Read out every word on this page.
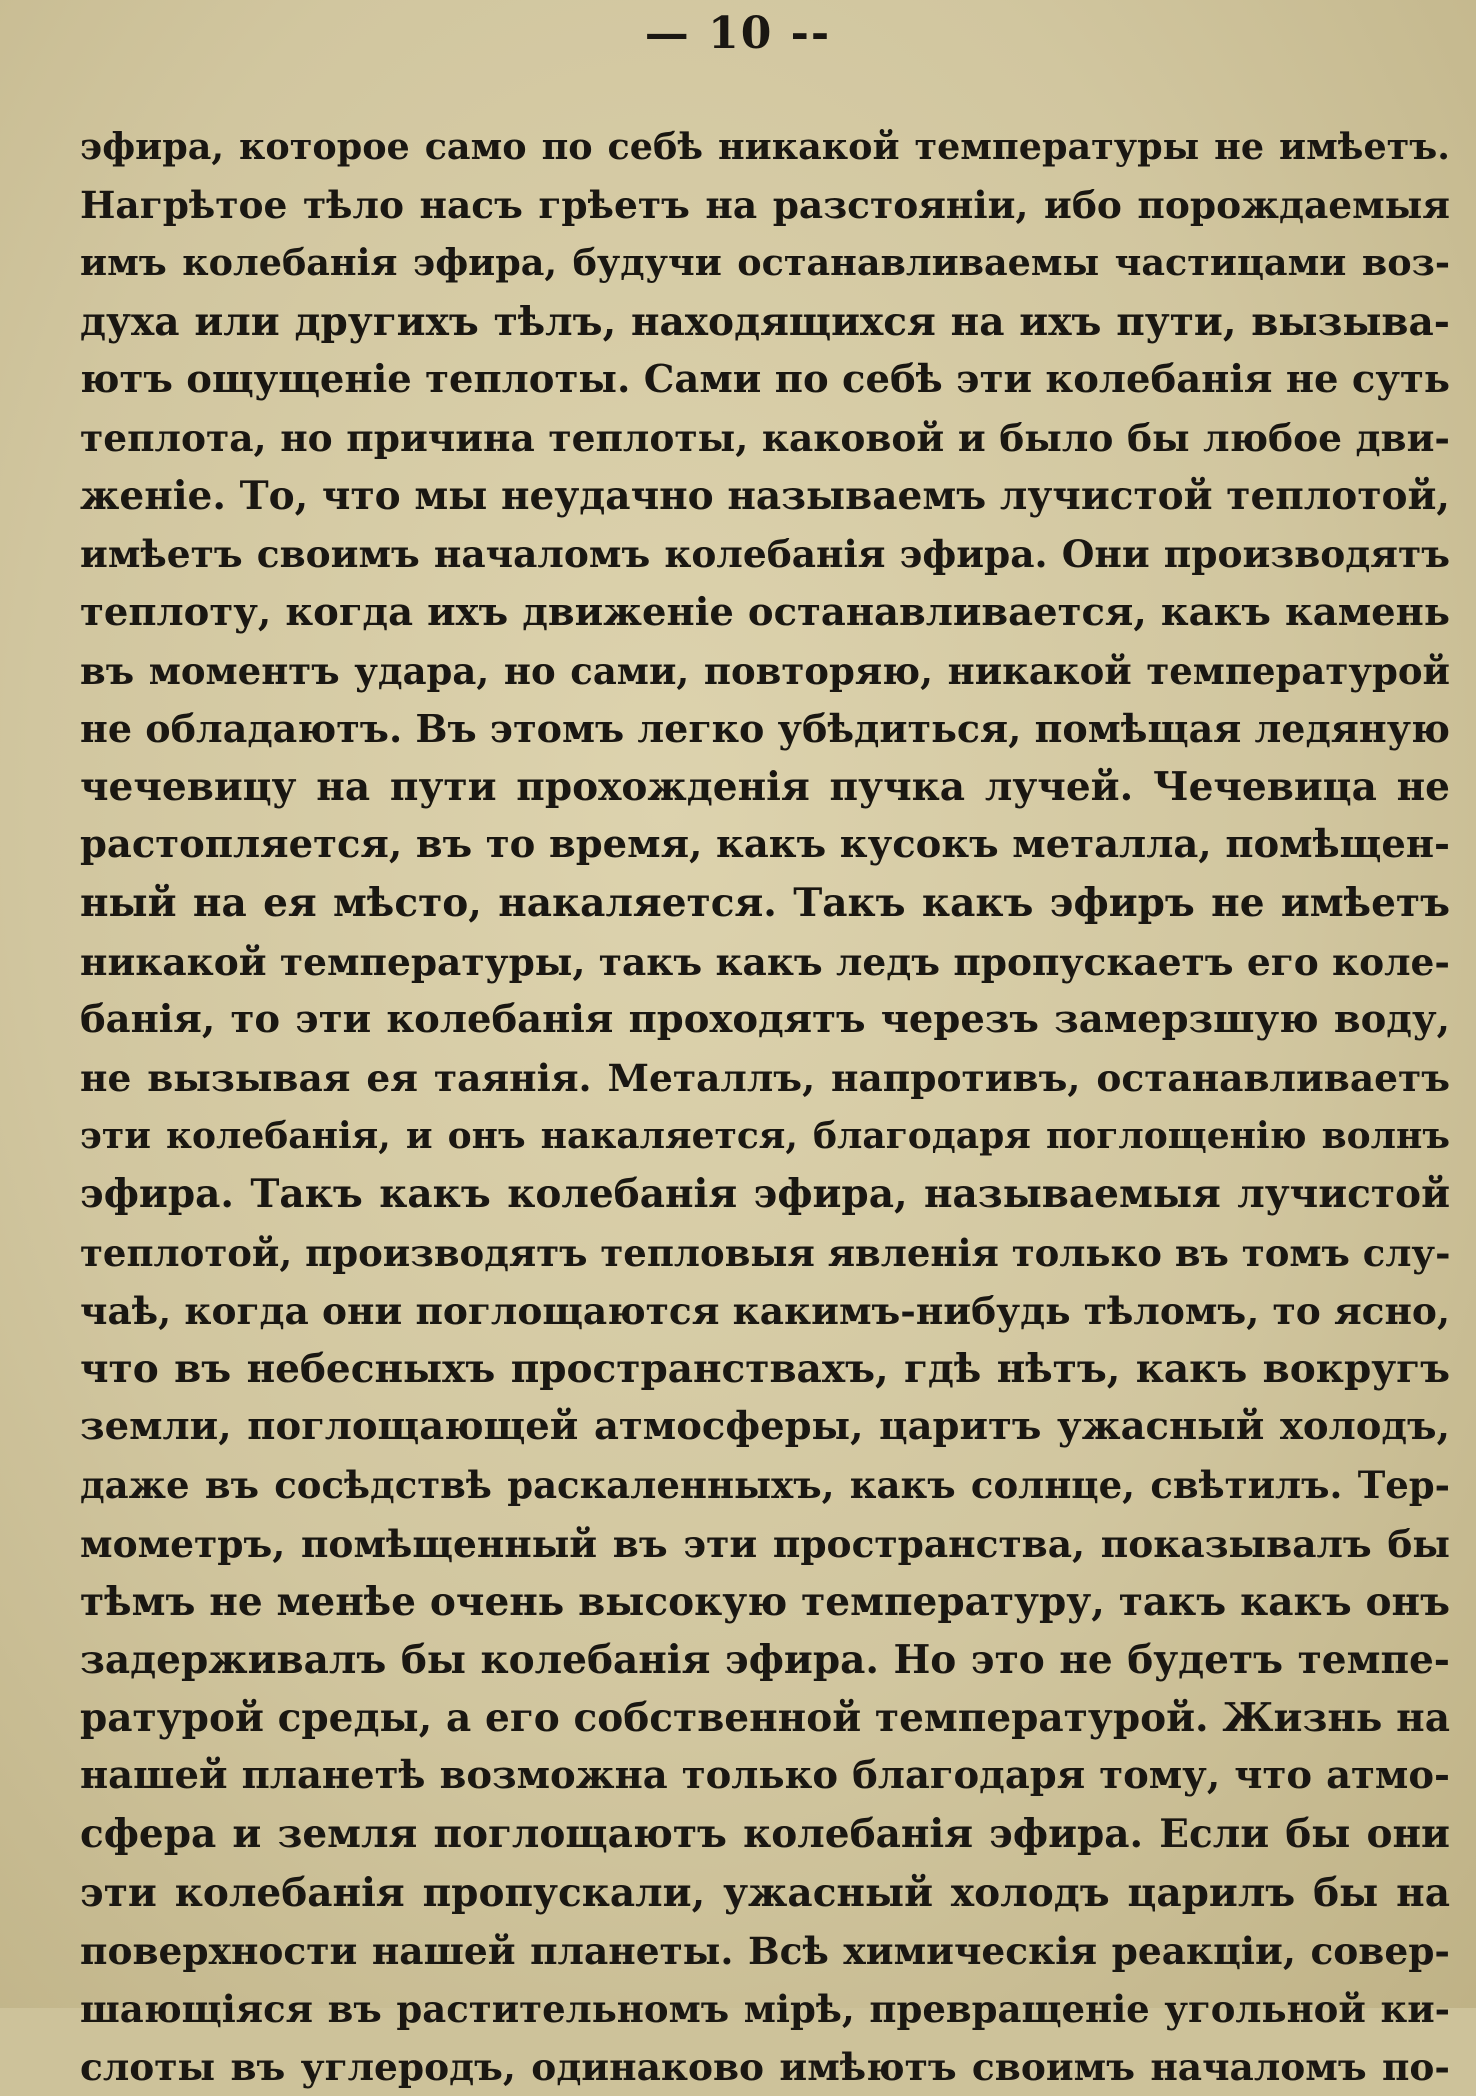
— 10 --
эфира, которое само по себѣ никакой температуры не имѣетъ.
Нагрѣтое тѣло насъ грѣетъ на разстояніи, ибо порождаемыя
имъ колебанія эфира, будучи останавливаемы частицами воз-
духа или другихъ тѣлъ, находящихся на ихъ пути, вызыва-
ютъ ощущеніе теплоты. Сами по себѣ эти колебанія не суть
теплота, но причина теплоты, каковой и было бы любое дви-
женіе. То, что мы неудачно называемъ лучистой теплотой,
имѣетъ своимъ началомъ колебанія эфира. Они производятъ
теплоту, когда ихъ движеніе останавливается, какъ камень
въ моментъ удара, но сами, повторяю, никакой температурой
не обладаютъ. Въ этомъ легко убѣдиться, помѣщая ледяную
чечевицу на пути прохожденія пучка лучей. Чечевица не
растопляется, въ то время, какъ кусокъ металла, помѣщен-
ный на ея мѣсто, накаляется. Такъ какъ эфиръ не имѣетъ
никакой температуры, такъ какъ ледъ пропускаетъ его коле-
банія, то эти колебанія проходятъ черезъ замерзшую воду,
не вызывая ея таянія. Металлъ, напротивъ, останавливаетъ
эти колебанія, и онъ накаляется, благодаря поглощенію волнъ
эфира. Такъ какъ колебанія эфира, называемыя лучистой
теплотой, производятъ тепловыя явленія только въ томъ слу-
чаѣ, когда они поглощаются какимъ-нибудь тѣломъ, то ясно,
что въ небесныхъ пространствахъ, гдѣ нѣтъ, какъ вокругъ
земли, поглощающей атмосферы, царитъ ужасный холодъ,
даже въ сосѣдствѣ раскаленныхъ, какъ солнце, свѣтилъ. Тер-
мометръ, помѣщенный въ эти пространства, показывалъ бы
тѣмъ не менѣе очень высокую температуру, такъ какъ онъ
задерживалъ бы колебанія эфира. Но это не будетъ темпе-
ратурой среды, а его собственной температурой. Жизнь на
нашей планетѣ возможна только благодаря тому, что атмо-
сфера и земля поглощаютъ колебанія эфира. Если бы они
эти колебанія пропускали, ужасный холодъ царилъ бы на
поверхности нашей планеты. Всѣ химическія реакціи, совер-
шающіяся въ растительномъ мірѣ, превращеніе угольной ки-
слоты въ углеродъ, одинаково имѣютъ своимъ началомъ по-
